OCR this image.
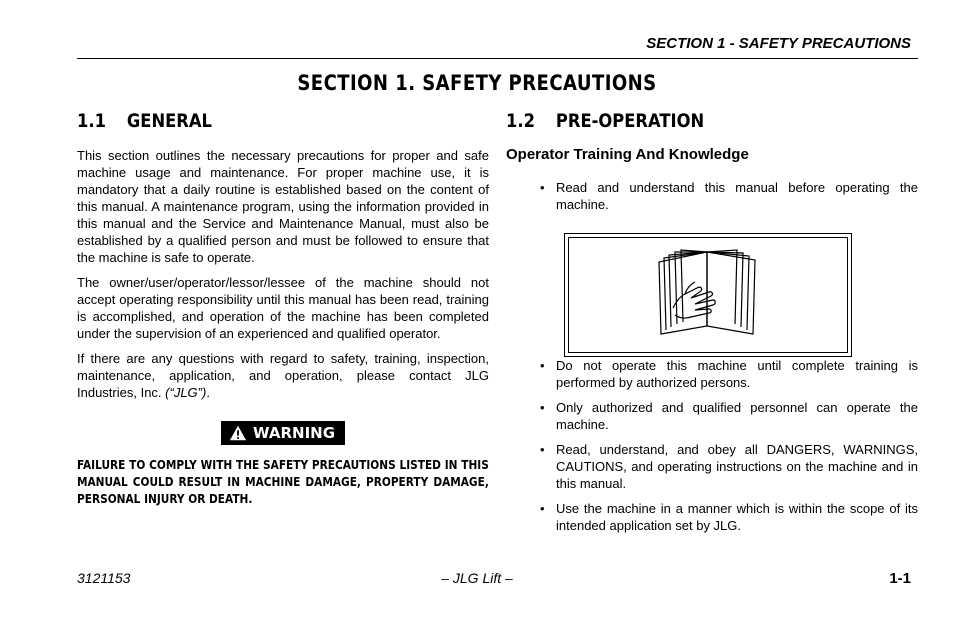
SECTION 1 - SAFETY PRECAUTIONS
SECTION 1. SAFETY PRECAUTIONS
1.1 GENERAL

This section outlines the necessary precautions for proper and safe machine usage and maintenance. For proper machine use, it is mandatory that a daily routine is established based on the content of this manual. A maintenance program, using the information provided in this manual and the Service and Maintenance Manual, must also be established by a qualified person and must be followed to ensure that the machine is safe to operate.

The owner/user/operator/lessor/lessee of the machine should not accept operating responsibility until this manual has been read, training is accomplished, and operation of the machine has been completed under the supervision of an experienced and qualified operator.

If there are any questions with regard to safety, training, inspection, maintenance, application, and operation, please contact JLG Industries, Inc. (“JLG”).

WARNING
FAILURE TO COMPLY WITH THE SAFETY PRECAUTIONS LISTED IN THIS MANUAL COULD RESULT IN MACHINE DAMAGE, PROPERTY DAMAGE, PERSONAL INJURY OR DEATH.
1.2 PRE-OPERATION
Operator Training And Knowledge
• Read and understand this manual before operating the machine.
• Do not operate this machine until complete training is performed by authorized persons.
• Only authorized and qualified personnel can operate the machine.
• Read, understand, and obey all DANGERS, WARNINGS, CAUTIONS, and operating instructions on the machine and in this manual.
• Use the machine in a manner which is within the scope of its intended application set by JLG.
3121153	– JLG Lift –	1-1
